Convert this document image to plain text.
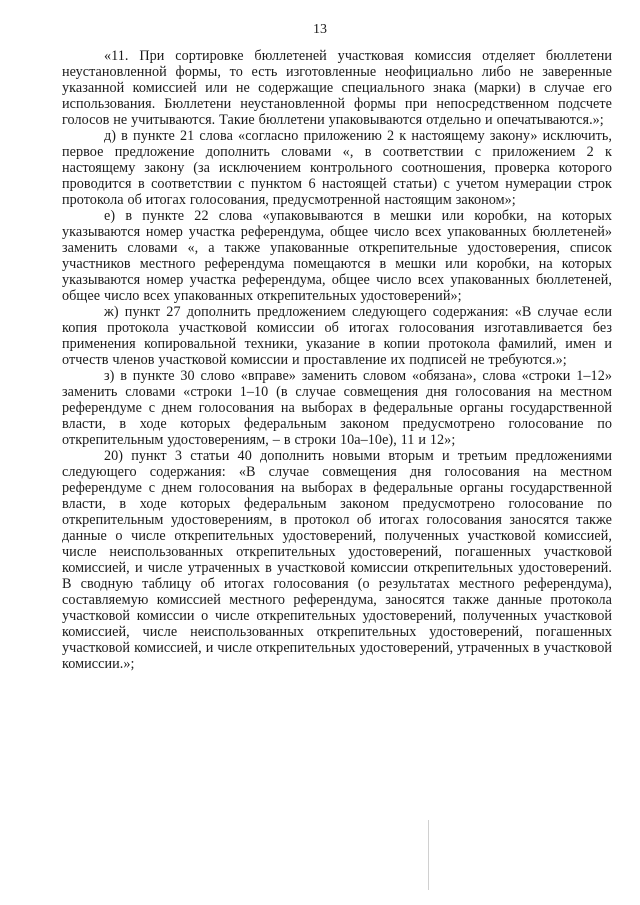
13

«11. При сортировке бюллетеней участковая комиссия отделяет бюллетени неустановленной формы, то есть изготовленные неофициально либо не заверенные указанной комиссией или не содержащие специального знака (марки) в случае его использования. Бюллетени неустановленной формы при непосредственном подсчете голосов не учитываются. Такие бюллетени упаковываются отдельно и опечатываются.»;

д) в пункте 21 слова «согласно приложению 2 к настоящему закону» исключить, первое предложение дополнить словами «, в соответствии с приложением 2 к настоящему закону (за исключением контрольного соотношения, проверка которого проводится в соответствии с пунктом 6 настоящей статьи) с учетом нумерации строк протокола об итогах голосования, предусмотренной настоящим законом»;

е) в пункте 22 слова «упаковываются в мешки или коробки, на которых указываются номер участка референдума, общее число всех упакованных бюллетеней» заменить словами «, а также упакованные открепительные удостоверения, список участников местного референдума помещаются в мешки или коробки, на которых указываются номер участка референдума, общее число всех упакованных бюллетеней, общее число всех упакованных открепительных удостоверений»;

ж) пункт 27 дополнить предложением следующего содержания: «В случае если копия протокола участковой комиссии об итогах голосования изготавливается без применения копировальной техники, указание в копии протокола фамилий, имен и отчеств членов участковой комиссии и проставление их подписей не требуются.»;

з) в пункте 30 слово «вправе» заменить словом «обязана», слова «строки 1–12» заменить словами «строки 1–10 (в случае совмещения дня голосования на местном референдуме с днем голосования на выборах в федеральные органы государственной власти, в ходе которых федеральным законом предусмотрено голосование по открепительным удостоверениям, – в строки 10а–10е), 11 и 12»;

20) пункт 3 статьи 40 дополнить новыми вторым и третьим предложениями следующего содержания: «В случае совмещения дня голосования на местном референдуме с днем голосования на выборах в федеральные органы государственной власти, в ходе которых федеральным законом предусмотрено голосование по открепительным удостоверениям, в протокол об итогах голосования заносятся также данные о числе открепительных удостоверений, полученных участковой комиссией, числе неиспользованных открепительных удостоверений, погашенных участковой комиссией, и числе утраченных в участковой комиссии открепительных удостоверений. В сводную таблицу об итогах голосования (о результатах местного референдума), составляемую комиссией местного референдума, заносятся также данные протокола участковой комиссии о числе открепительных удостоверений, полученных участковой комиссией, числе неиспользованных открепительных удостоверений, погашенных участковой комиссией, и числе открепительных удостоверений, утраченных в участковой комиссии.»;
